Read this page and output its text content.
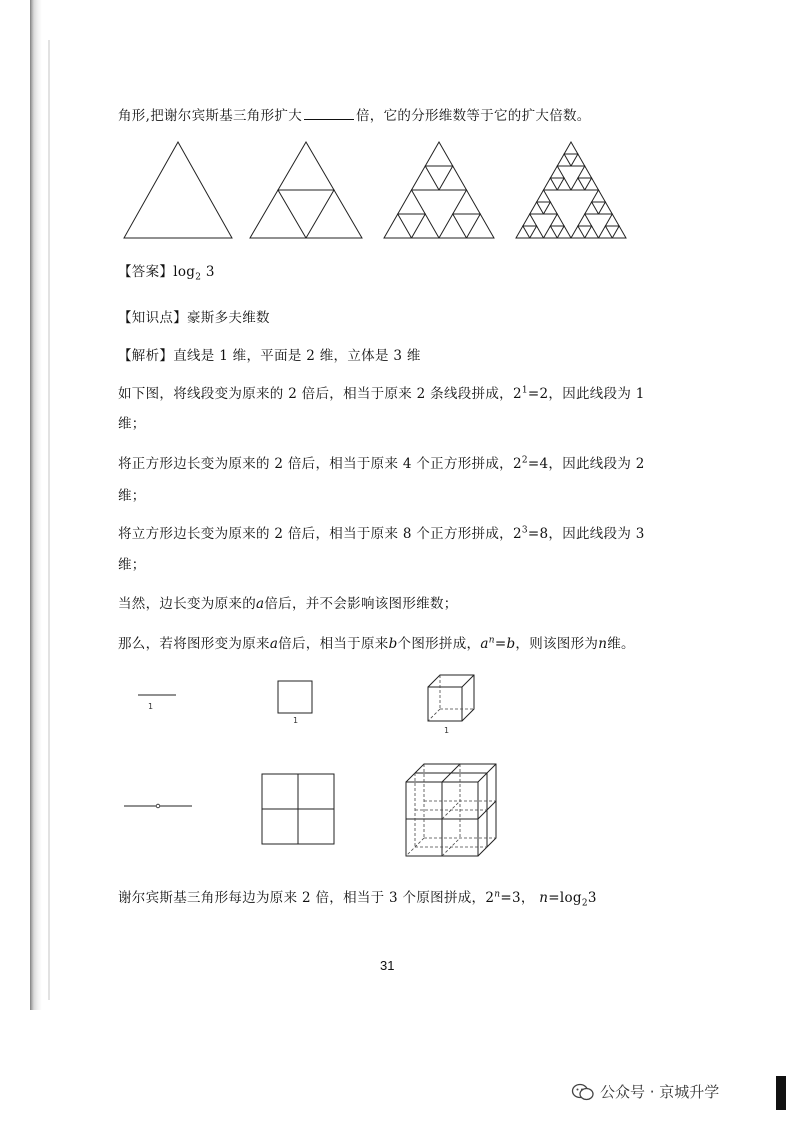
角形,把谢尔宾斯基三角形扩大	倍，它的分形维数等于它的扩大倍数。
【答案】$\log_2 3$
【知识点】豪斯多夫维数
【解析】直线是 1 维，平面是 2 维，立体是 3 维
如下图，将线段变为原来的 2 倍后，相当于原来 2 条线段拼成，$2^1=2$，因此线段为 1
维；
将正方形边长变为原来的 2 倍后，相当于原来 4 个正方形拼成，$2^2=4$，因此线段为 2
维；
将立方形边长变为原来的 2 倍后，相当于原来 8 个正方形拼成，$2^3=8$，因此线段为 3
维；
当然，边长变为原来的a倍后，并不会影响该图形维数；
那么，若将图形变为原来a倍后，相当于原来b个图形拼成，$a^n=b$，则该图形为n维。
1
1
1
谢尔宾斯基三角形每边为原来 2 倍，相当于 3 个原图拼成，$2^n=3$， $n=\log_23$
31
公众号 · 京城升学
